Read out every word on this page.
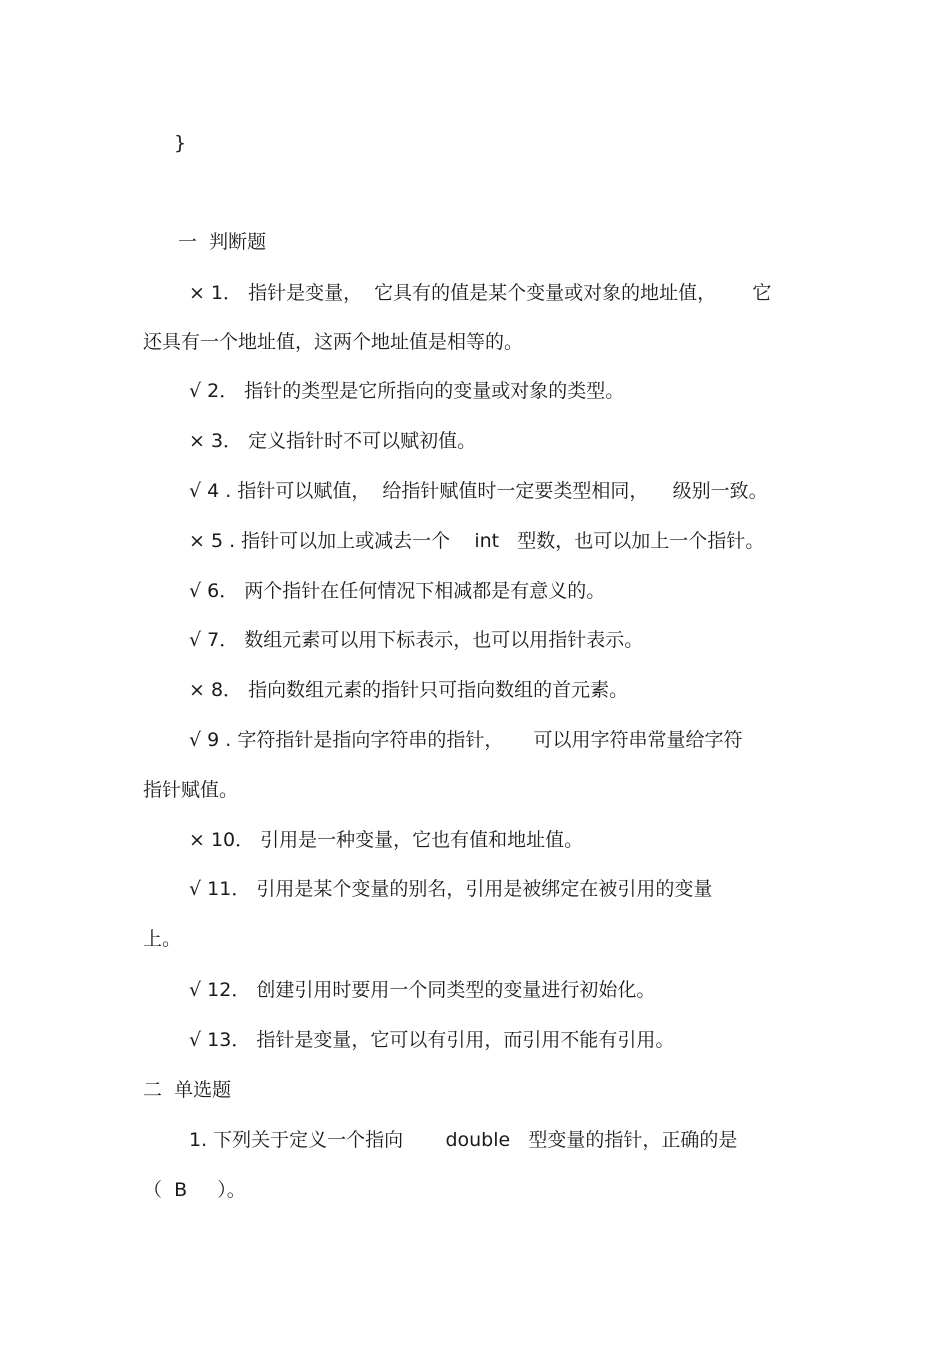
}
一  判断题
× 1． 指针是变量，  它具有的值是某个变量或对象的地址值，      它
还具有一个地址值，这两个地址值是相等的。
√ 2． 指针的类型是它所指向的变量或对象的类型。
× 3． 定义指针时不可以赋初值。
√ 4 . 指针可以赋值，  给指针赋值时一定要类型相同，    级别一致。
× 5 . 指针可以加上或减去一个    int   型数，也可以加上一个指针。
√ 6． 两个指针在任何情况下相减都是有意义的。
√ 7． 数组元素可以用下标表示，也可以用指针表示。
× 8． 指向数组元素的指针只可指向数组的首元素。
√ 9 . 字符指针是指向字符串的指针，     可以用字符串常量给字符
指针赋值。
× 10． 引用是一种变量，它也有值和地址值。
√ 11． 引用是某个变量的别名，引用是被绑定在被引用的变量
上。
√ 12． 创建引用时要用一个同类型的变量进行初始化。
√ 13． 指针是变量，它可以有引用，而引用不能有引用。
二  单选题
1. 下列关于定义一个指向       double   型变量的指针，正确的是
（  B     ）。
